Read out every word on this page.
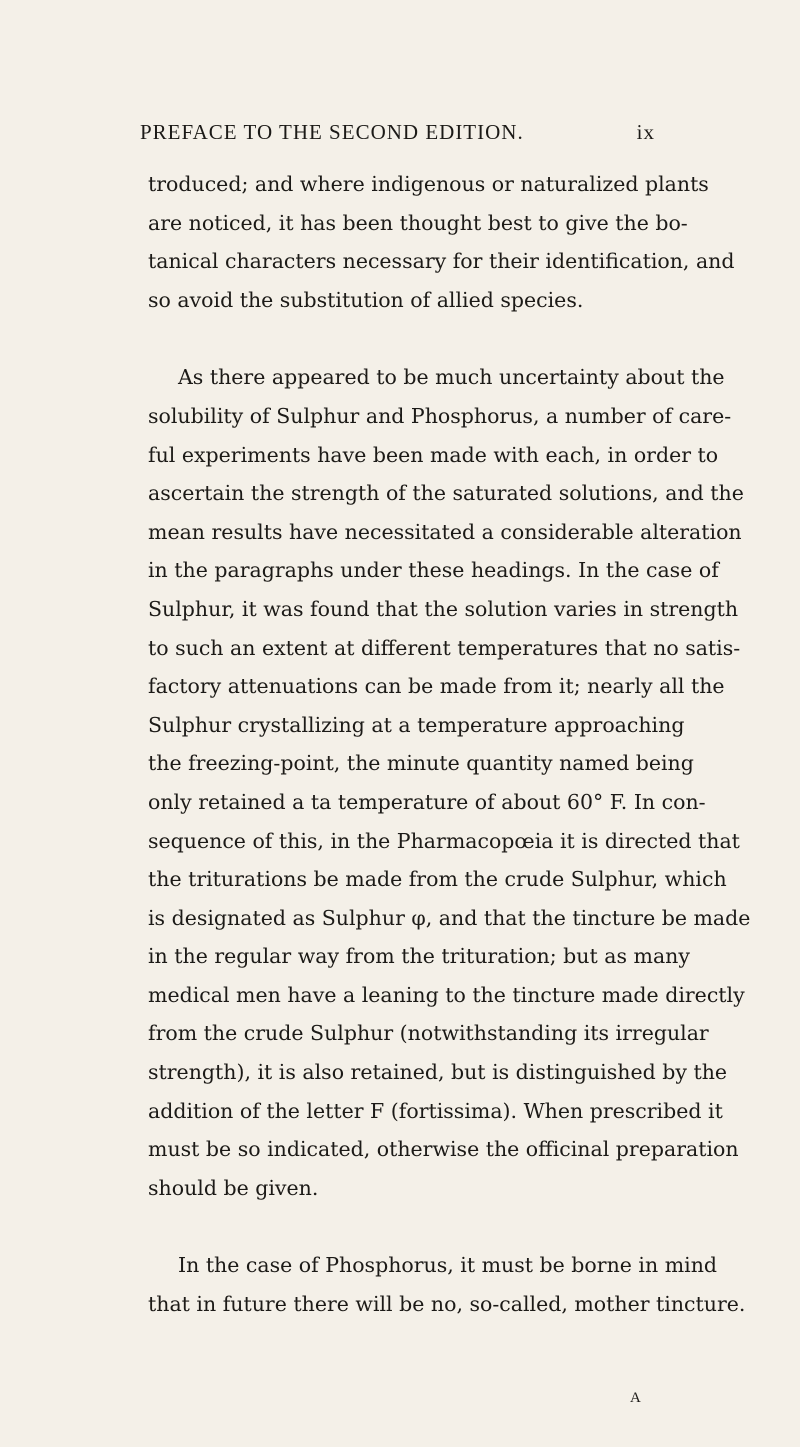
PREFACE TO THE SECOND EDITION.	ix
troduced; and where indigenous or naturalized plants
are noticed, it has been thought best to give the bo-
tanical characters necessary for their identification, and
so avoid the substitution of allied species.
As there appeared to be much uncertainty about the
solubility of Sulphur and Phosphorus, a number of care-
ful experiments have been made with each, in order to
ascertain the strength of the saturated solutions, and the
mean results have necessitated a considerable alteration
in the paragraphs under these headings. In the case of
Sulphur, it was found that the solution varies in strength
to such an extent at different temperatures that no satis-
factory attenuations can be made from it; nearly all the
Sulphur crystallizing at a temperature approaching
the freezing-point, the minute quantity named being
only retained a ta temperature of about 60° F. In con-
sequence of this, in the Pharmacopœia it is directed that
the triturations be made from the crude Sulphur, which
is designated as Sulphur φ, and that the tincture be made
in the regular way from the trituration; but as many
medical men have a leaning to the tincture made directly
from the crude Sulphur (notwithstanding its irregular
strength), it is also retained, but is distinguished by the
addition of the letter F (fortissima). When prescribed it
must be so indicated, otherwise the officinal preparation
should be given.
In the case of Phosphorus, it must be borne in mind
that in future there will be no, so-called, mother tincture.
A
